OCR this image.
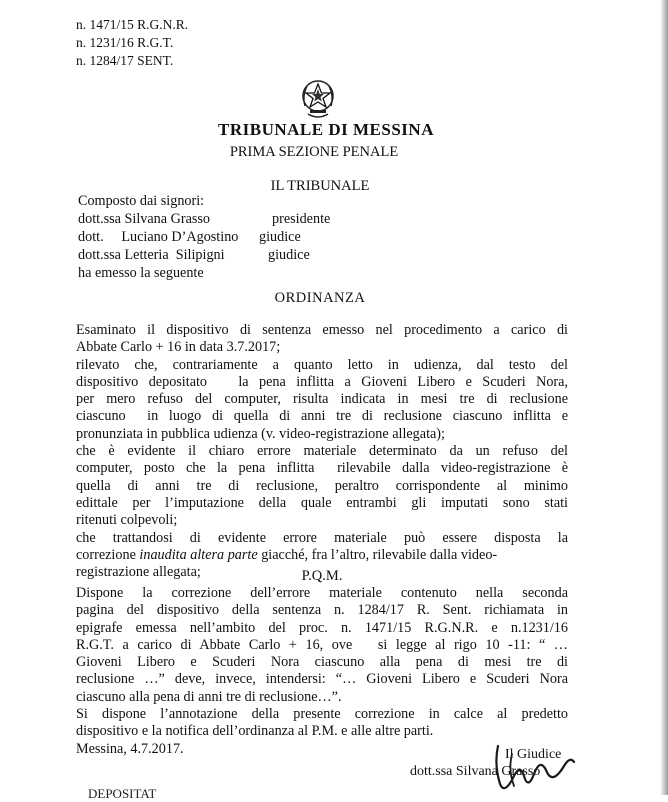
n. 1471/15 R.G.N.R.
n. 1231/16 R.G.T.
n. 1284/17 SENT.
TRIBUNALE DI MESSINA
PRIMA SEZIONE PENALE
IL TRIBUNALE
Composto dai signori:
dott.ssa Silvana Grasso	presidente
dott.     Luciano D’Agostino giudice
dott.ssa Letteria  Silipigni	giudice
ha emesso la seguente
ORDINANZA
Esaminato il dispositivo di sentenza emesso nel procedimento a carico di
Abbate Carlo + 16 in data 3.7.2017;
rilevato che, contrariamente a quanto letto in udienza, dal testo del
dispositivo depositato   la pena inflitta a Gioveni Libero e Scuderi Nora,
per mero refuso del computer, risulta indicata in mesi tre di reclusione
ciascuno  in luogo di quella di anni tre di reclusione ciascuno inflitta e
pronunziata in pubblica udienza (v. video-registrazione allegata);
che è evidente il chiaro errore materiale determinato da un refuso del
computer, posto che la pena inflitta  rilevabile dalla video-registrazione è
quella di anni tre di reclusione, peraltro corrispondente al minimo
edittale per l’imputazione della quale entrambi gli imputati sono stati
ritenuti colpevoli;
che trattandosi di evidente errore materiale può essere disposta la
correzione inaudita altera parte giacché, fra l’altro, rilevabile dalla video-
registrazione allegata;	P.Q.M.
Dispone la correzione dell’errore materiale contenuto nella seconda
pagina del dispositivo della sentenza n. 1284/17 R. Sent. richiamata in
epigrafe emessa nell’ambito del proc. n. 1471/15 R.G.N.R. e n.1231/16
R.G.T. a carico di Abbate Carlo + 16, ove   si legge al rigo 10 -11: “ …
Gioveni Libero e Scuderi Nora ciascuno alla pena di mesi tre di
reclusione …” deve, invece, intendersi: “… Gioveni Libero e Scuderi Nora
ciascuno alla pena di anni tre di reclusione…”.
Si dispone l’annotazione della presente correzione in calce al predetto
dispositivo e la notifica dell’ordinanza al P.M. e alle altre parti.
Messina, 4.7.2017.	Il Giudice
dott.ssa Silvana Grasso
DEPOSITAT
